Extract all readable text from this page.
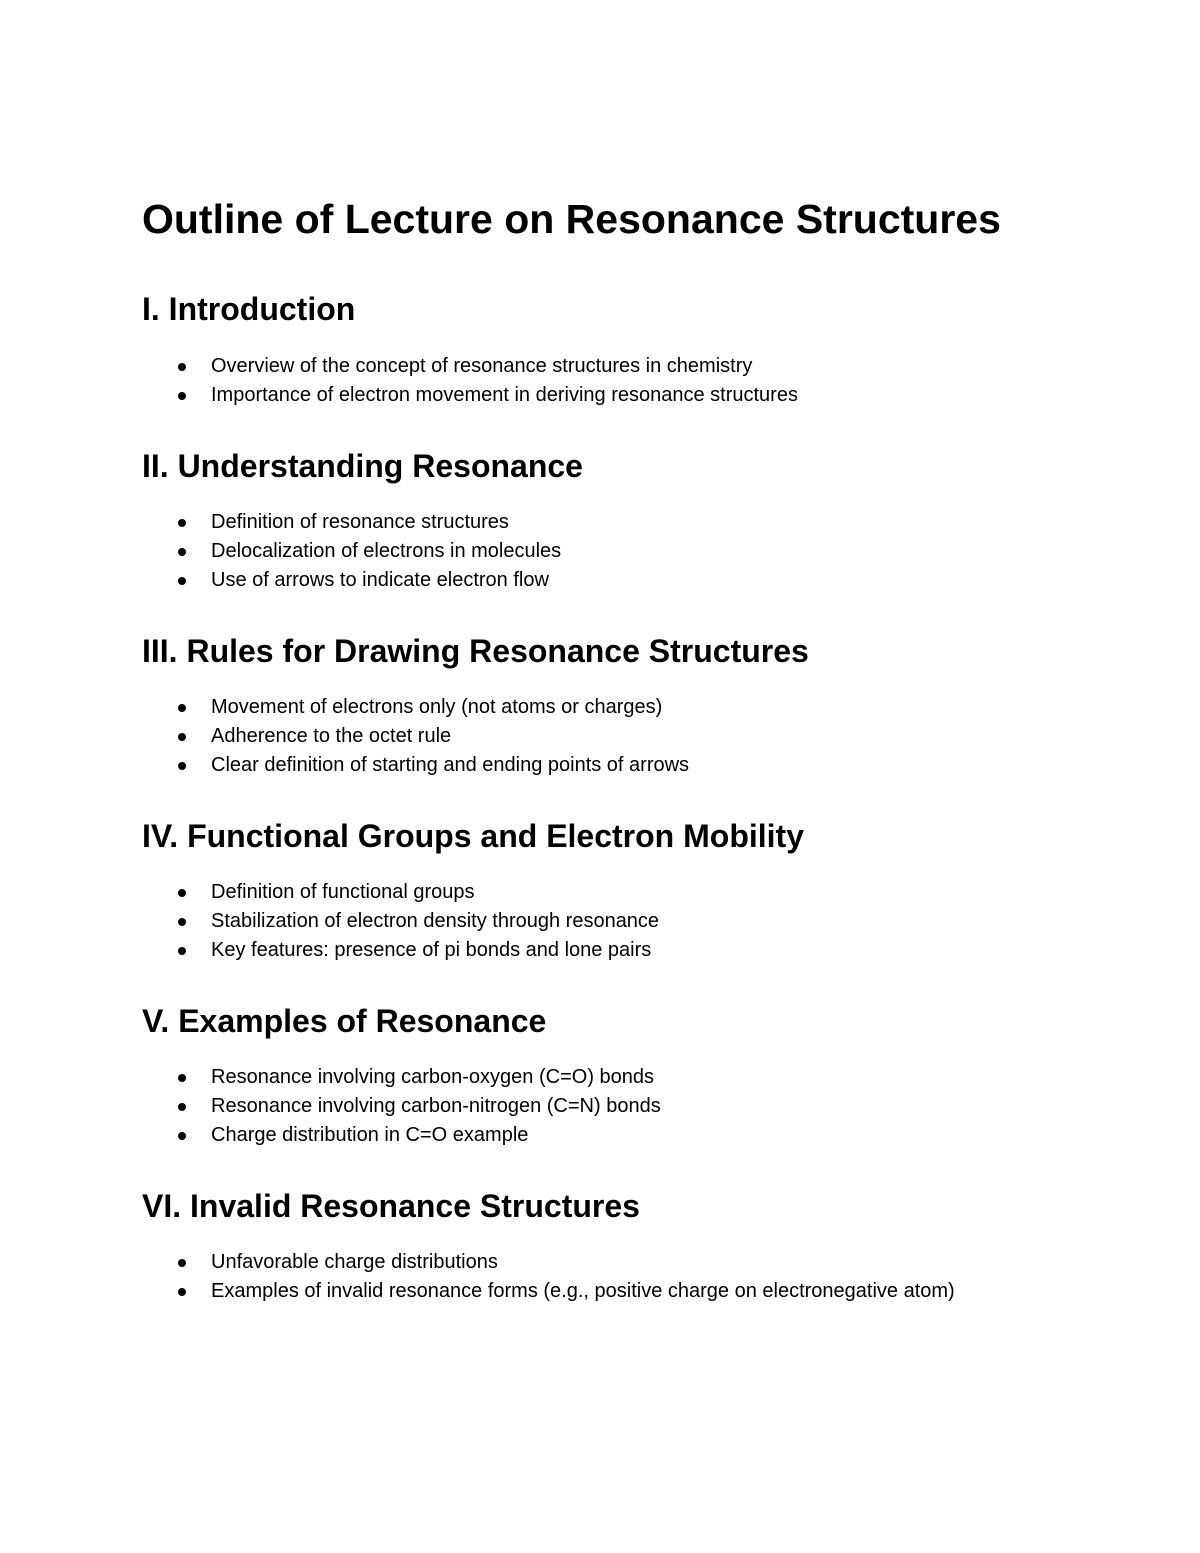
Outline of Lecture on Resonance Structures
I. Introduction
Overview of the concept of resonance structures in chemistry
Importance of electron movement in deriving resonance structures
II. Understanding Resonance
Definition of resonance structures
Delocalization of electrons in molecules
Use of arrows to indicate electron flow
III. Rules for Drawing Resonance Structures
Movement of electrons only (not atoms or charges)
Adherence to the octet rule
Clear definition of starting and ending points of arrows
IV. Functional Groups and Electron Mobility
Definition of functional groups
Stabilization of electron density through resonance
Key features: presence of pi bonds and lone pairs
V. Examples of Resonance
Resonance involving carbon-oxygen (C=O) bonds
Resonance involving carbon-nitrogen (C=N) bonds
Charge distribution in C=O example
VI. Invalid Resonance Structures
Unfavorable charge distributions
Examples of invalid resonance forms (e.g., positive charge on electronegative atom)
